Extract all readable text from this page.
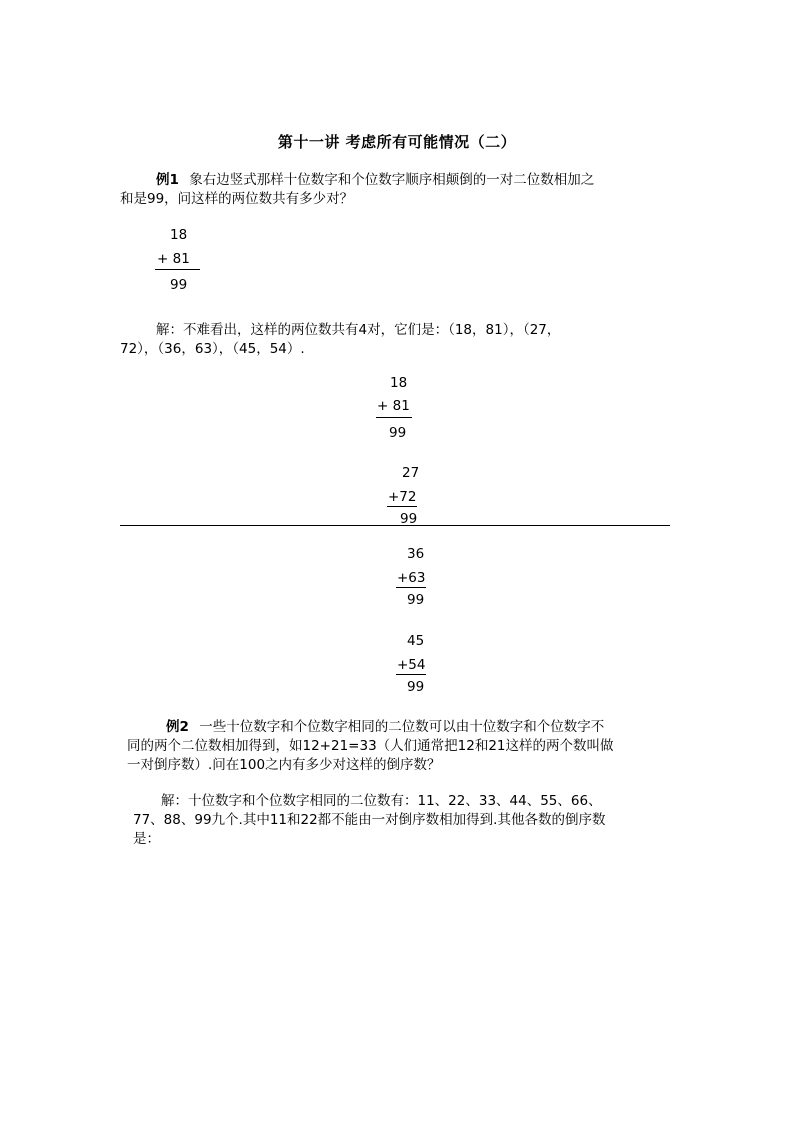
第十一讲 考虑所有可能情况（二）
例1 象右边竖式那样十位数字和个位数字顺序相颠倒的一对二位数相加之
和是99，问这样的两位数共有多少对？
18
+ 81
99
解：不难看出，这样的两位数共有4对，它们是：（18，81），（27，
72），（36，63），（45，54）.
18
+ 81
99
27
+72
99
36
+63
99
45
+54
99
例2 一些十位数字和个位数字相同的二位数可以由十位数字和个位数字不
同的两个二位数相加得到，如12+21=33（人们通常把12和21这样的两个数叫做
一对倒序数）.问在100之内有多少对这样的倒序数？
解：十位数字和个位数字相同的二位数有：11、22、33、44、55、66、
77、88、99九个.其中11和22都不能由一对倒序数相加得到.其他各数的倒序数
是：
